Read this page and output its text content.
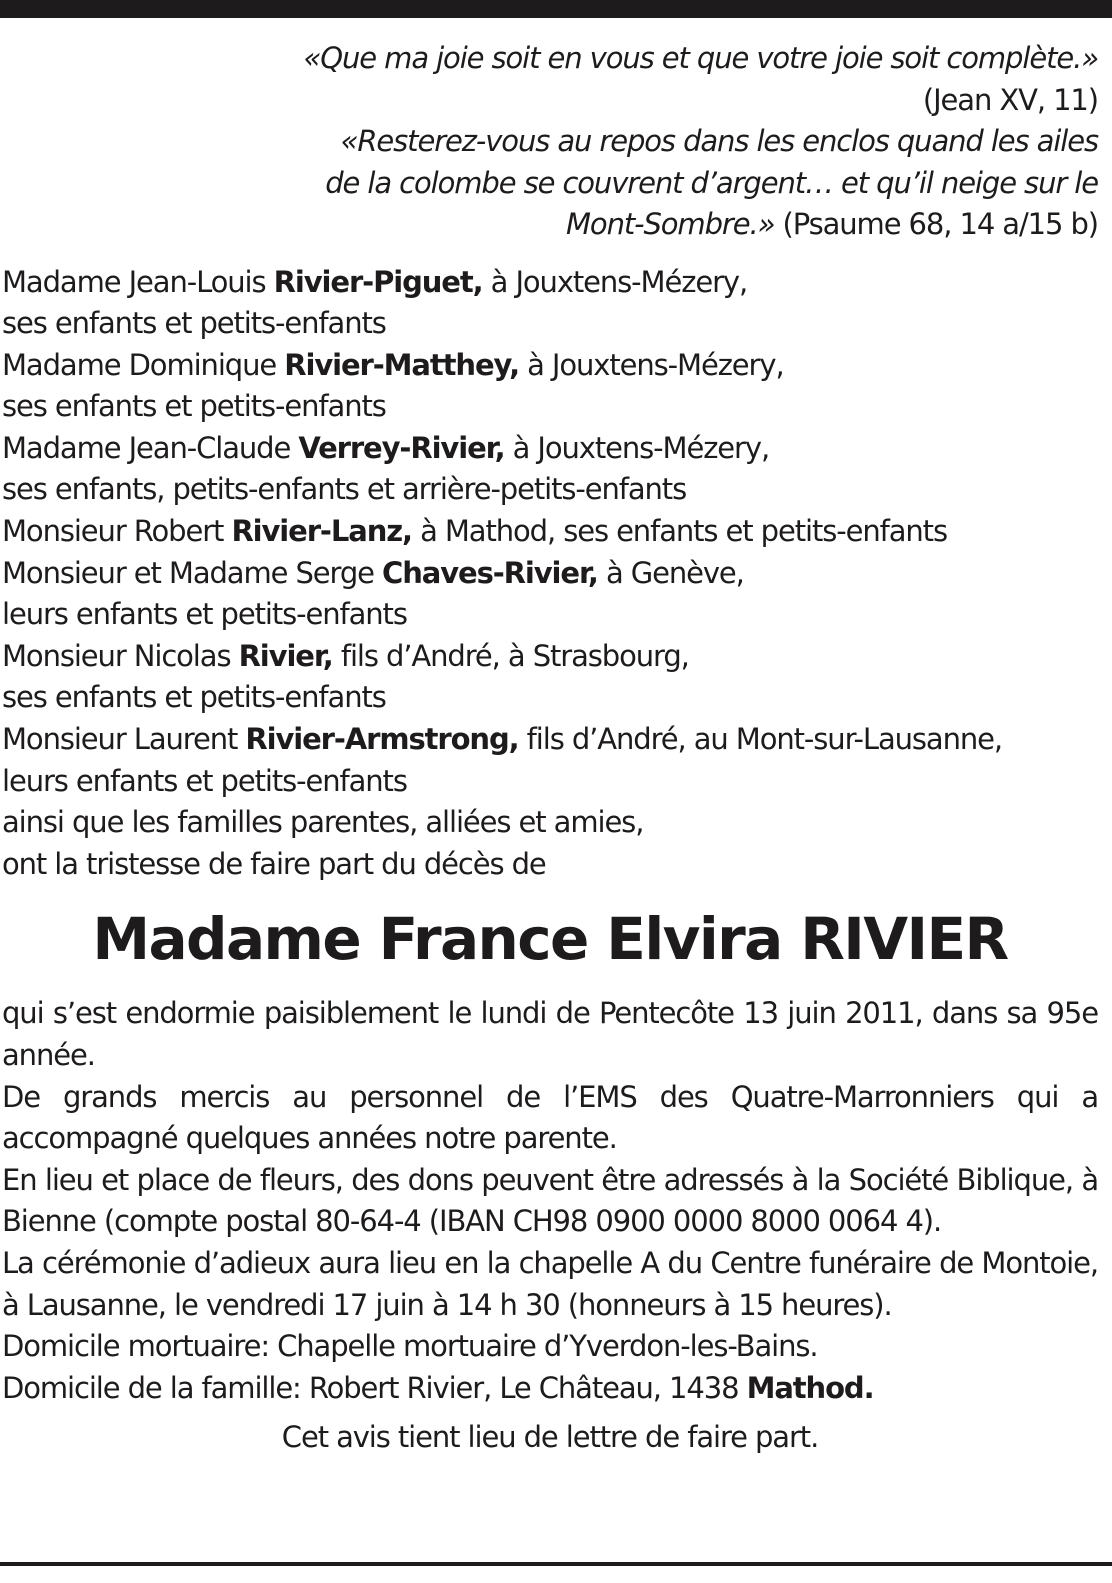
«Que ma joie soit en vous et que votre joie soit complète.»
(Jean XV, 11)
«Resterez-vous au repos dans les enclos quand les ailes
de la colombe se couvrent d’argent… et qu’il neige sur le
Mont-Sombre.» (Psaume 68, 14 a/15 b)
Madame Jean-Louis Rivier-Piguet, à Jouxtens-Mézery,
ses enfants et petits-enfants
Madame Dominique Rivier-Matthey, à Jouxtens-Mézery,
ses enfants et petits-enfants
Madame Jean-Claude Verrey-Rivier, à Jouxtens-Mézery,
ses enfants, petits-enfants et arrière-petits-enfants
Monsieur Robert Rivier-Lanz, à Mathod, ses enfants et petits-enfants
Monsieur et Madame Serge Chaves-Rivier, à Genève,
leurs enfants et petits-enfants
Monsieur Nicolas Rivier, fils d’André, à Strasbourg,
ses enfants et petits-enfants
Monsieur Laurent Rivier-Armstrong, fils d’André, au Mont-sur-Lausanne,
leurs enfants et petits-enfants
ainsi que les familles parentes, alliées et amies,
ont la tristesse de faire part du décès de
Madame France Elvira RIVIER

qui s’est endormie paisiblement le lundi de Pentecôte 13 juin 2011, dans sa 95e année.

De grands mercis au personnel de l’EMS des Quatre-Marronniers qui a accompagné quelques années notre parente.

En lieu et place de fleurs, des dons peuvent être adressés à la Société Biblique, à Bienne (compte postal 80-64-4 (IBAN CH98 0900 0000 8000 0064 4).

La cérémonie d’adieux aura lieu en la chapelle A du Centre funéraire de Montoie, à Lausanne, le vendredi 17 juin à 14 h 30 (honneurs à 15 heures).

Domicile mortuaire: Chapelle mortuaire d’Yverdon-les-Bains.

Domicile de la famille: Robert Rivier, Le Château, 1438 Mathod.

Cet avis tient lieu de lettre de faire part.
